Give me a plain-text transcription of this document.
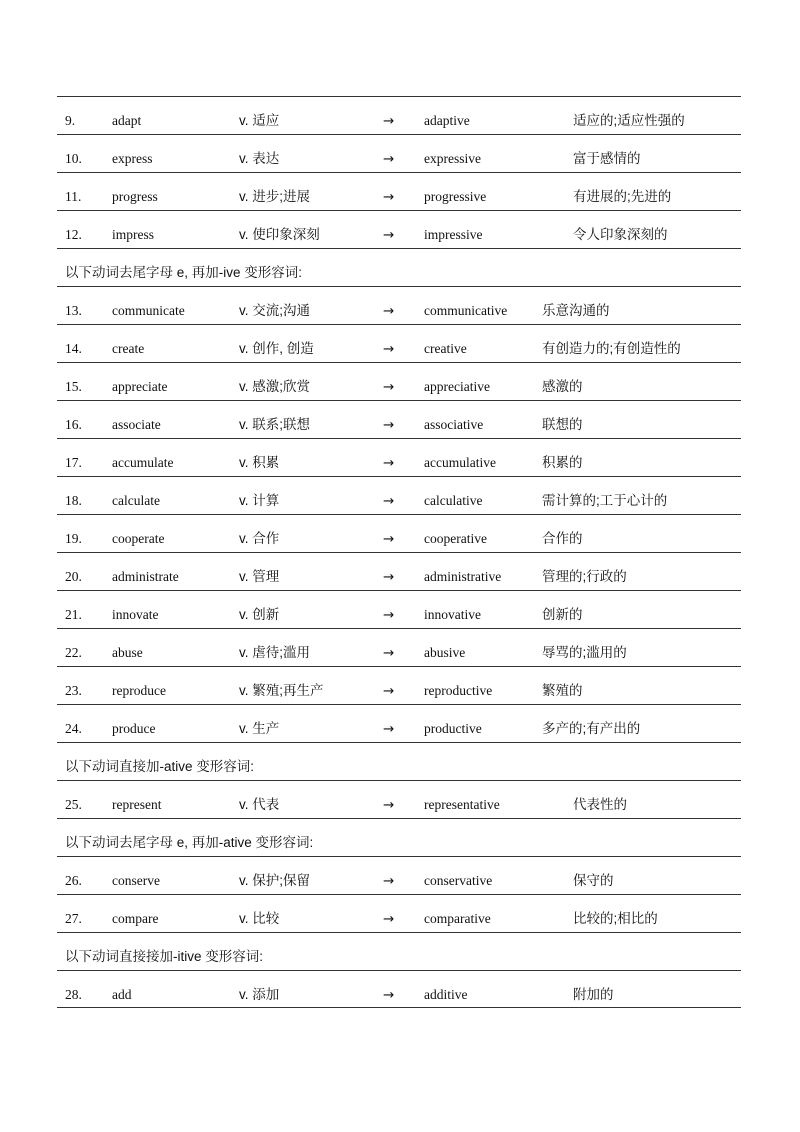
9.	adapt	v. 适应	→ adaptive	适应的;适应性强的
10. express	v. 表达	→ expressive	富于感情的
11. progress	v. 进步;进展	→ progressive	有进展的;先进的
12. impress	v. 使印象深刻	→ impressive	令人印象深刻的
以下动词去尾字母 e, 再加-ive 变形容词:
13. communicate	v. 交流;沟通	→ communicative	乐意沟通的
14. create	v. 创作, 创造	→ creative	有创造力的;有创造性的
15. appreciate	v. 感激;欣赏	→ appreciative	感激的
16. associate	v. 联系;联想	→ associative	联想的
17. accumulate	v. 积累	→ accumulative	积累的
18. calculate	v. 计算	→ calculative	需计算的;工于心计的
19. cooperate	v. 合作	→ cooperative	合作的
20. administrate	v. 管理	→ administrative	管理的;行政的
21. innovate	v. 创新	→ innovative	创新的
22. abuse	v. 虐待;滥用	→ abusive	辱骂的;滥用的
23. reproduce	v. 繁殖;再生产	→ reproductive	繁殖的
24. produce	v. 生产	→ productive	多产的;有产出的
以下动词直接加-ative 变形容词:
25. represent	v. 代表	→ representative	代表性的
以下动词去尾字母 e, 再加-ative 变形容词:
26. conserve	v. 保护;保留	→ conservative	保守的
27. compare	v. 比较	→ comparative	比较的;相比的
以下动词直接接加-itive 变形容词:
28. add	v. 添加	→ additive	附加的
